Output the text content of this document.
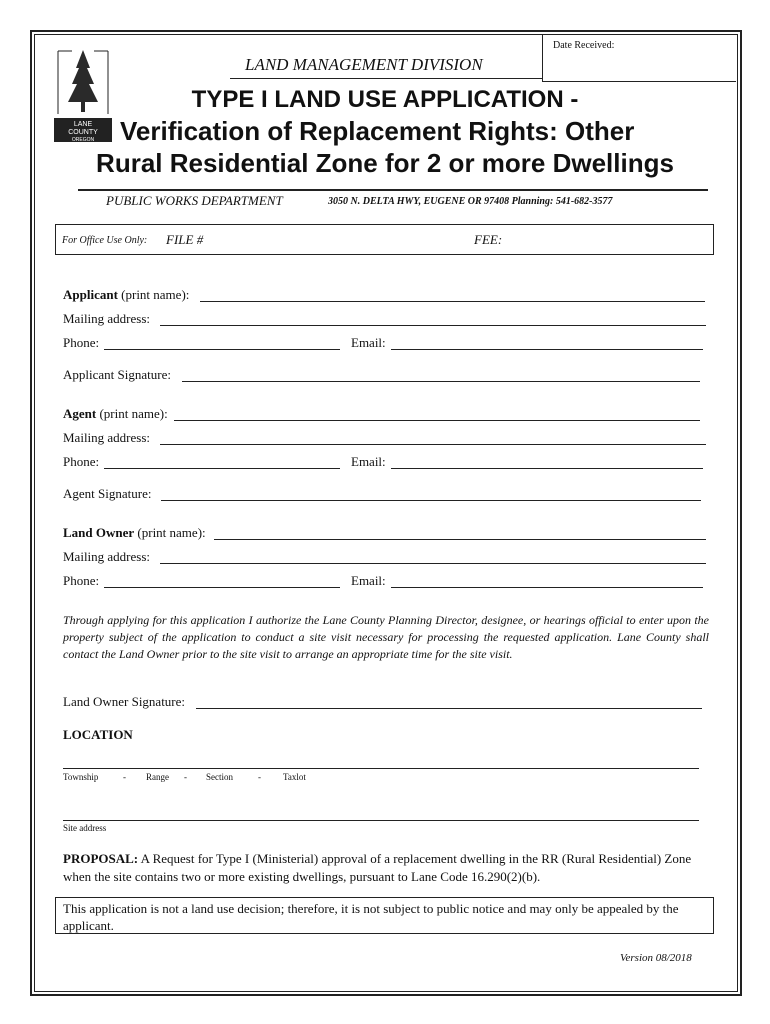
LANE
COUNTY
OREGON
Date Received:
LAND MANAGEMENT DIVISION
TYPE I LAND USE APPLICATION -
Verification of Replacement Rights: Other
Rural Residential Zone for 2 or more Dwellings
PUBLIC WORKS DEPARTMENT	3050 N. DELTA HWY, EUGENE OR 97408 Planning: 541-682-3577
For Office Use Only: FILE #	FEE:
Applicant (print name):
Mailing address:
Phone:	Email:
Applicant Signature:
Agent (print name):
Mailing address:
Phone:	Email:
Agent Signature:
Land Owner (print name):
Mailing address:
Phone:	Email:
Through applying for this application I authorize the Lane County Planning Director, designee, or hearings official to enter upon the property subject of the application to conduct a site visit necessary for processing the requested application. Lane County shall contact the Land Owner prior to the site visit to arrange an appropriate time for the site visit.
Land Owner Signature:
LOCATION
Township	- Range - Section	- Taxlot
Site address
PROPOSAL: A Request for Type I (Ministerial) approval of a replacement dwelling in the RR (Rural Residential) Zone when the site contains two or more existing dwellings, pursuant to Lane Code 16.290(2)(b).
This application is not a land use decision; therefore, it is not subject to public notice and may only be appealed by the applicant.
Version 08/2018
